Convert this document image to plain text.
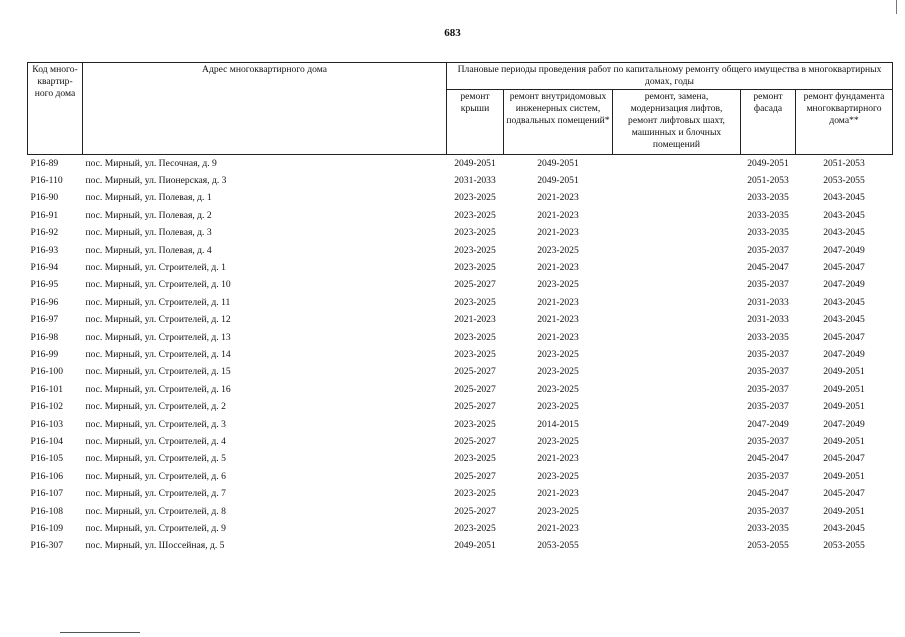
683
Код много-квартир-ного дома	Адрес многоквартирного дома	Плановые периоды проведения работ по капитальному ремонту общего имущества в многоквартирных домах, годы				
		ремонт крыши	ремонт внутридомовых инженерных систем, подвальных помещений*	ремонт, замена, модернизация лифтов, ремонт лифтовых шахт, машинных и блочных помещений	ремонт фасада	ремонт фундамента многоквартирного дома**
Р16-89	пос. Мирный, ул. Песочная, д. 9	2049-2051	2049-2051		2049-2051	2051-2053
Р16-110	пос. Мирный, ул. Пионерская, д. 3	2031-2033	2049-2051		2051-2053	2053-2055
Р16-90	пос. Мирный, ул. Полевая, д. 1	2023-2025	2021-2023		2033-2035	2043-2045
Р16-91	пос. Мирный, ул. Полевая, д. 2	2023-2025	2021-2023		2033-2035	2043-2045
Р16-92	пос. Мирный, ул. Полевая, д. 3	2023-2025	2021-2023		2033-2035	2043-2045
Р16-93	пос. Мирный, ул. Полевая, д. 4	2023-2025	2023-2025		2035-2037	2047-2049
Р16-94	пос. Мирный, ул. Строителей, д. 1	2023-2025	2021-2023		2045-2047	2045-2047
Р16-95	пос. Мирный, ул. Строителей, д. 10	2025-2027	2023-2025		2035-2037	2047-2049
Р16-96	пос. Мирный, ул. Строителей, д. 11	2023-2025	2021-2023		2031-2033	2043-2045
Р16-97	пос. Мирный, ул. Строителей, д. 12	2021-2023	2021-2023		2031-2033	2043-2045
Р16-98	пос. Мирный, ул. Строителей, д. 13	2023-2025	2021-2023		2033-2035	2045-2047
Р16-99	пос. Мирный, ул. Строителей, д. 14	2023-2025	2023-2025		2035-2037	2047-2049
Р16-100	пос. Мирный, ул. Строителей, д. 15	2025-2027	2023-2025		2035-2037	2049-2051
Р16-101	пос. Мирный, ул. Строителей, д. 16	2025-2027	2023-2025		2035-2037	2049-2051
Р16-102	пос. Мирный, ул. Строителей, д. 2	2025-2027	2023-2025		2035-2037	2049-2051
Р16-103	пос. Мирный, ул. Строителей, д. 3	2023-2025	2014-2015		2047-2049	2047-2049
Р16-104	пос. Мирный, ул. Строителей, д. 4	2025-2027	2023-2025		2035-2037	2049-2051
Р16-105	пос. Мирный, ул. Строителей, д. 5	2023-2025	2021-2023		2045-2047	2045-2047
Р16-106	пос. Мирный, ул. Строителей, д. 6	2025-2027	2023-2025		2035-2037	2049-2051
Р16-107	пос. Мирный, ул. Строителей, д. 7	2023-2025	2021-2023		2045-2047	2045-2047
Р16-108	пос. Мирный, ул. Строителей, д. 8	2025-2027	2023-2025		2035-2037	2049-2051
Р16-109	пос. Мирный, ул. Строителей, д. 9	2023-2025	2021-2023		2033-2035	2043-2045
Р16-307	пос. Мирный, ул. Шоссейная, д. 5	2049-2051	2053-2055		2053-2055	2053-2055
